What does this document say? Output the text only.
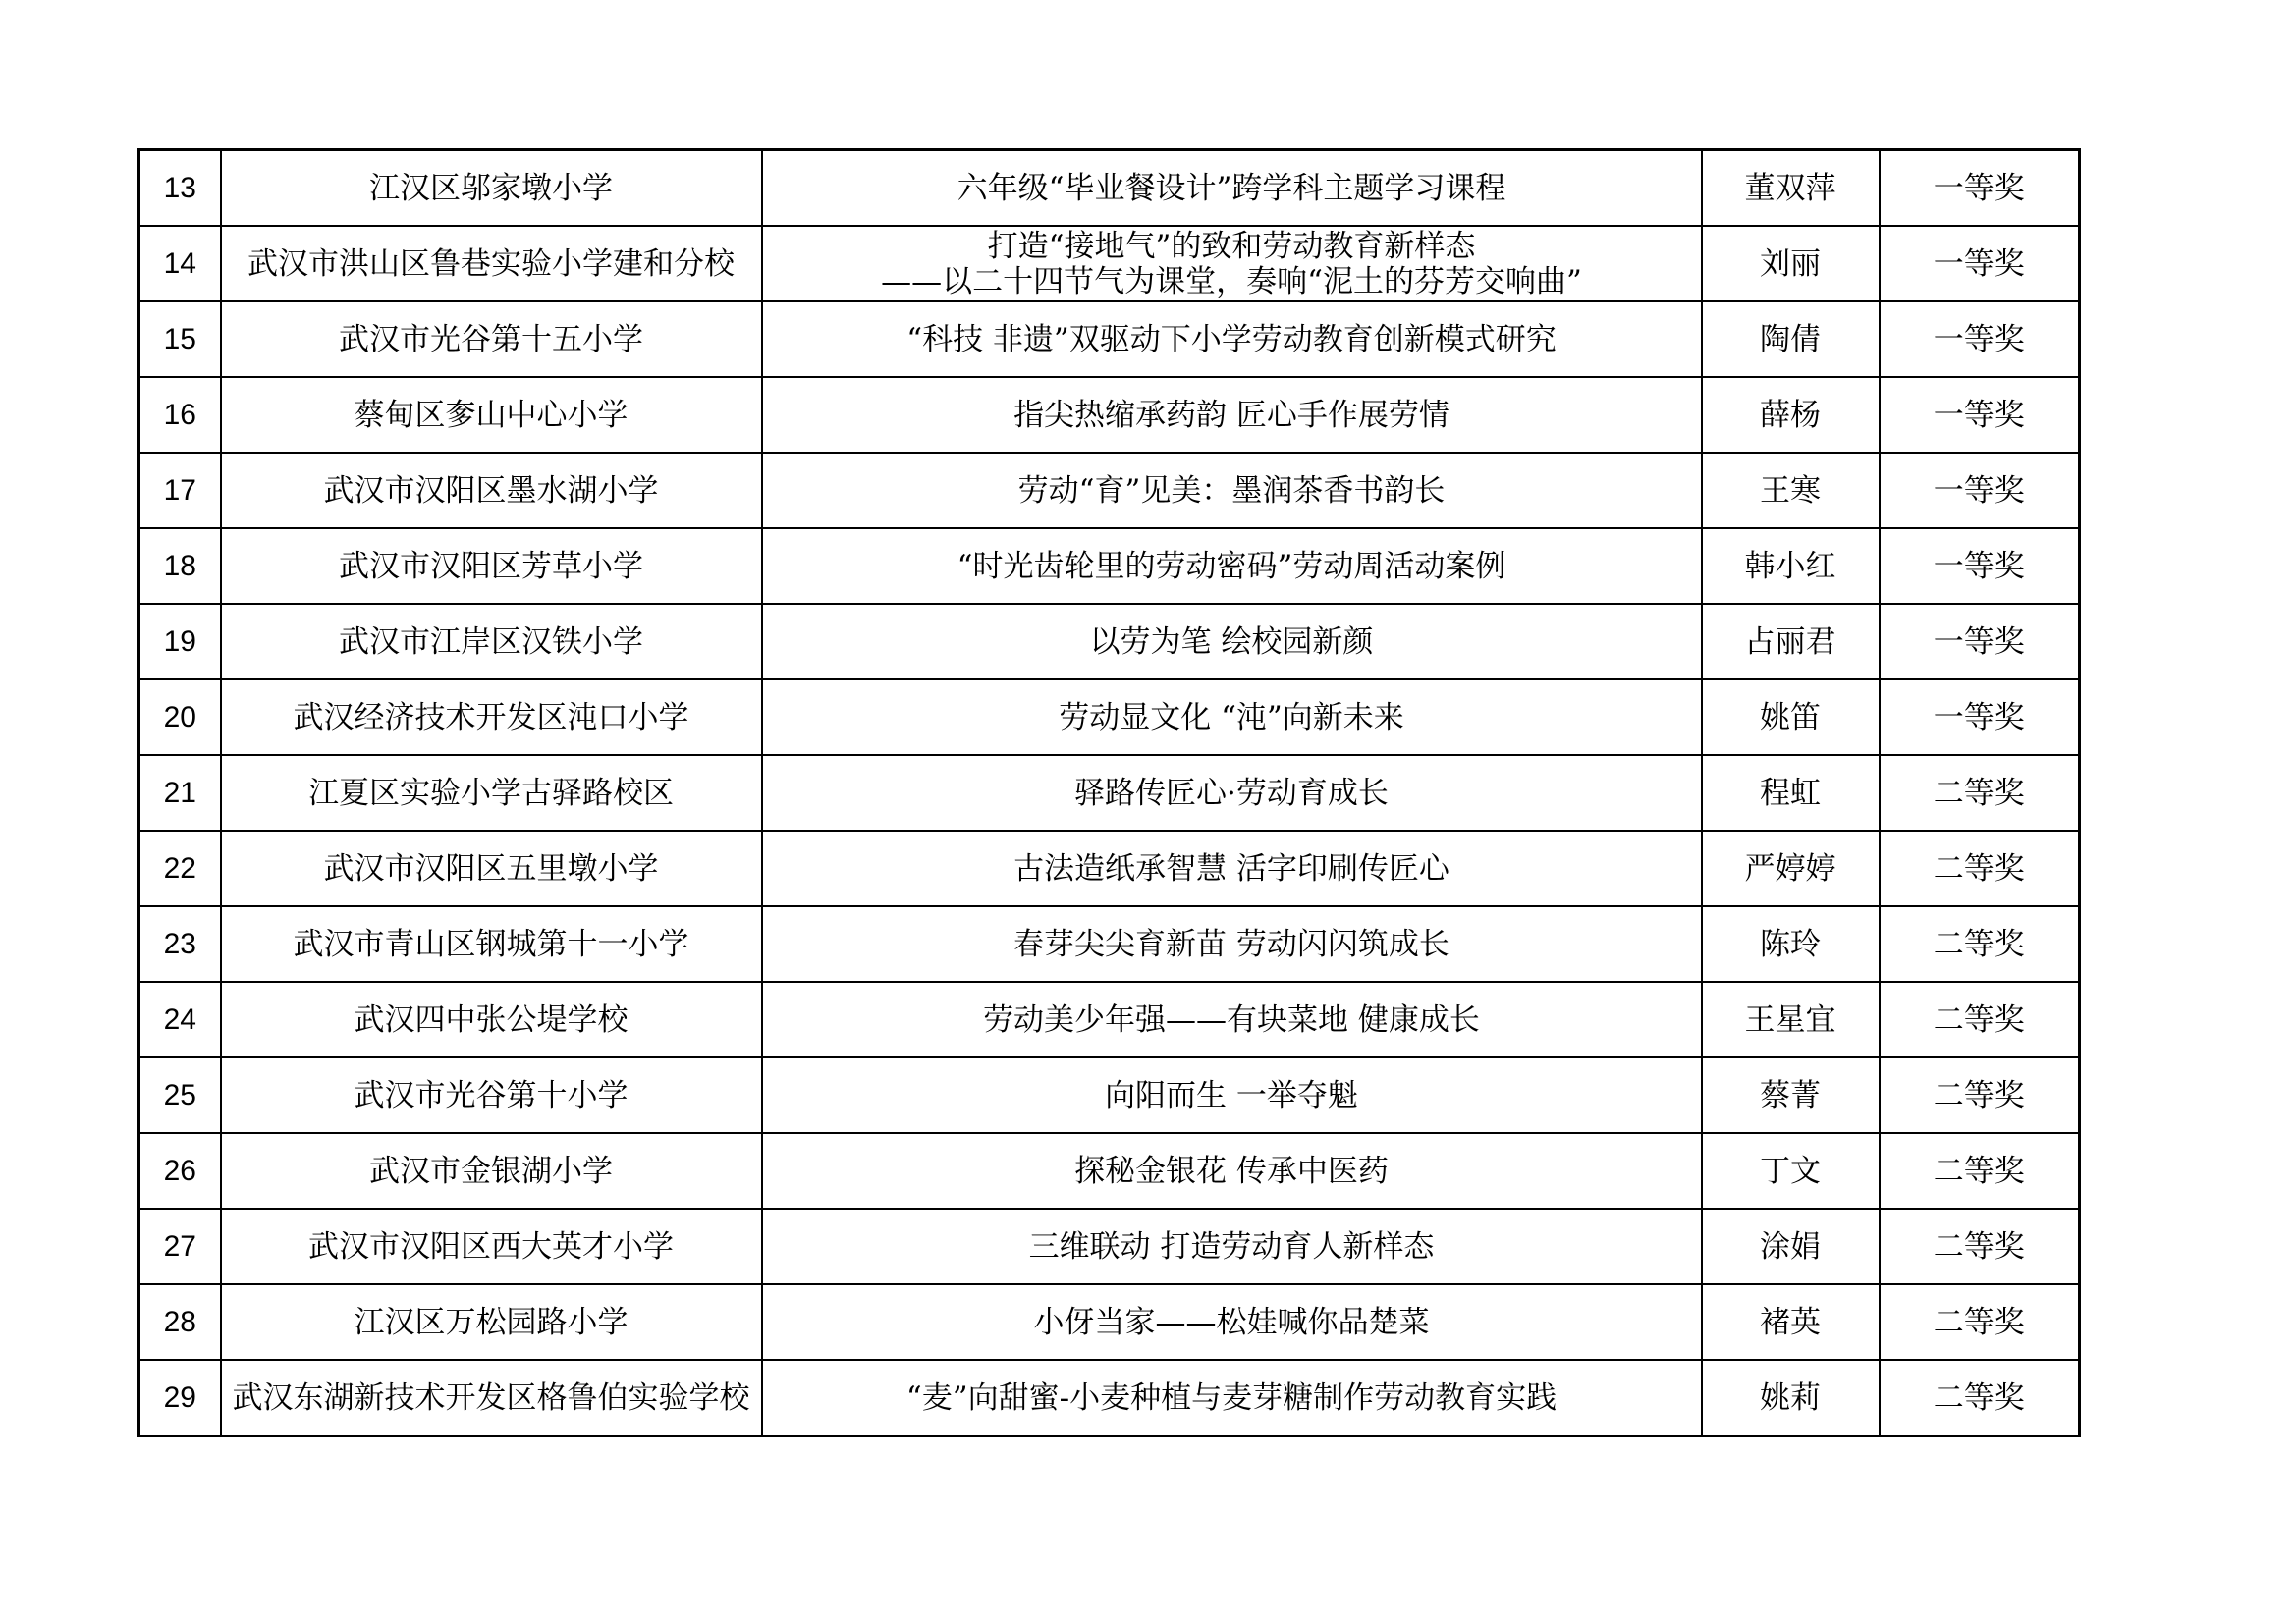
13	江汉区邬家墩小学	六年级“毕业餐设计”跨学科主题学习课程	董双萍	一等奖
14	武汉市洪山区鲁巷实验小学建和分校	打造“接地气”的致和劳动教育新样态
——以二十四节气为课堂，奏响“泥土的芬芳交响曲”	刘丽	一等奖
15	武汉市光谷第十五小学	“科技 非遗”双驱动下小学劳动教育创新模式研究	陶倩	一等奖
16	蔡甸区奓山中心小学	指尖热缩承药韵 匠心手作展劳情	薛杨	一等奖
17	武汉市汉阳区墨水湖小学	劳动“育”见美：墨润茶香书韵长	王寒	一等奖
18	武汉市汉阳区芳草小学	“时光齿轮里的劳动密码”劳动周活动案例	韩小红	一等奖
19	武汉市江岸区汉铁小学	以劳为笔 绘校园新颜	占丽君	一等奖
20	武汉经济技术开发区沌口小学	劳动显文化 “沌”向新未来	姚笛	一等奖
21	江夏区实验小学古驿路校区	驿路传匠心·劳动育成长	程虹	二等奖
22	武汉市汉阳区五里墩小学	古法造纸承智慧 活字印刷传匠心	严婷婷	二等奖
23	武汉市青山区钢城第十一小学	春芽尖尖育新苗 劳动闪闪筑成长	陈玲	二等奖
24	武汉四中张公堤学校	劳动美少年强——有块菜地 健康成长	王星宜	二等奖
25	武汉市光谷第十小学	向阳而生 一举夺魁	蔡菁	二等奖
26	武汉市金银湖小学	探秘金银花 传承中医药	丁文	二等奖
27	武汉市汉阳区西大英才小学	三维联动 打造劳动育人新样态	涂娟	二等奖
28	江汉区万松园路小学	小伢当家——松娃喊你品楚菜	褚英	二等奖
29	武汉东湖新技术开发区格鲁伯实验学校	“麦”向甜蜜-小麦种植与麦芽糖制作劳动教育实践	姚莉	二等奖
